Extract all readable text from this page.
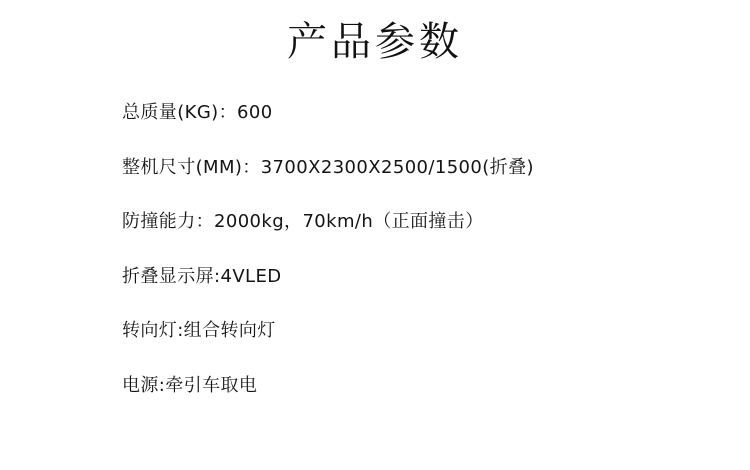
产品参数
总质量(KG)：600
整机尺寸(MM)：3700X2300X2500/1500(折叠)
防撞能力：2000kg，70km/h（正面撞击）
折叠显示屏:4VLED
转向灯:组合转向灯
电源:牵引车取电
